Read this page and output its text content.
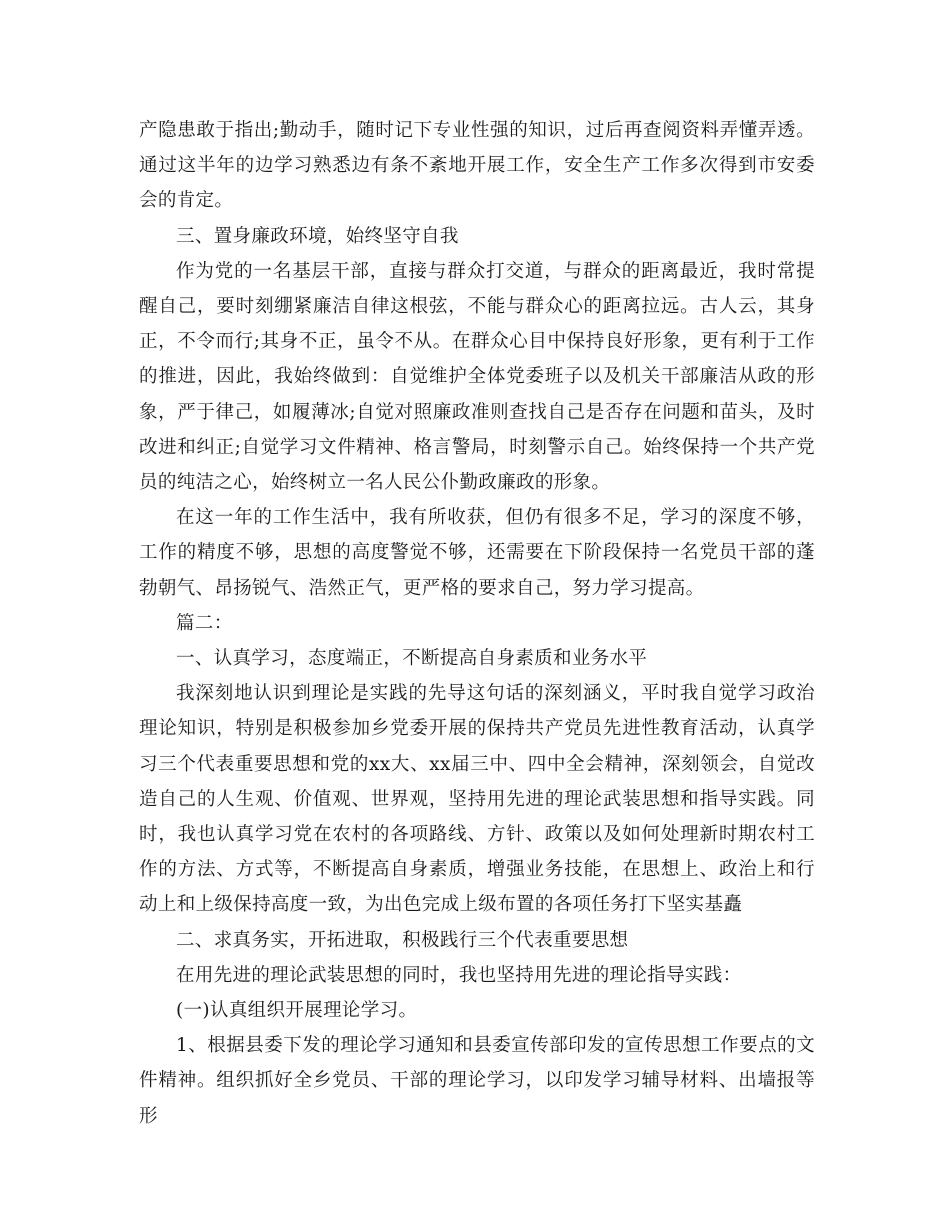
产隐患敢于指出;勤动手，随时记下专业性强的知识，过后再查阅资料弄懂弄透。通过这半年的边学习熟悉边有条不紊地开展工作，安全生产工作多次得到市安委会的肯定。

三、置身廉政环境，始终坚守自我

作为党的一名基层干部，直接与群众打交道，与群众的距离最近，我时常提醒自己，要时刻绷紧廉洁自律这根弦，不能与群众心的距离拉远。古人云，其身正，不令而行;其身不正，虽令不从。在群众心目中保持良好形象，更有利于工作的推进，因此，我始终做到：自觉维护全体党委班子以及机关干部廉洁从政的形象，严于律己，如履薄冰;自觉对照廉政准则查找自己是否存在问题和苗头，及时改进和纠正;自觉学习文件精神、格言警局，时刻警示自己。始终保持一个共产党员的纯洁之心，始终树立一名人民公仆勤政廉政的形象。

在这一年的工作生活中，我有所收获，但仍有很多不足，学习的深度不够，工作的精度不够，思想的高度警觉不够，还需要在下阶段保持一名党员干部的蓬勃朝气、昂扬锐气、浩然正气，更严格的要求自己，努力学习提高。

篇二：

一、认真学习，态度端正，不断提高自身素质和业务水平

我深刻地认识到理论是实践的先导这句话的深刻涵义，平时我自觉学习政治理论知识，特别是积极参加乡党委开展的保持共产党员先进性教育活动，认真学习三个代表重要思想和党的xx大、xx届三中、四中全会精神，深刻领会，自觉改造自己的人生观、价值观、世界观，坚持用先进的理论武装思想和指导实践。同时，我也认真学习党在农村的各项路线、方针、政策以及如何处理新时期农村工作的方法、方式等，不断提高自身素质，增强业务技能，在思想上、政治上和行动上和上级保持高度一致，为出色完成上级布置的各项任务打下坚实基矗

二、求真务实，开拓进取，积极践行三个代表重要思想

在用先进的理论武装思想的同时，我也坚持用先进的理论指导实践：

(一)认真组织开展理论学习。

1、根据县委下发的理论学习通知和县委宣传部印发的宣传思想工作要点的文件精神。组织抓好全乡党员、干部的理论学习，以印发学习辅导材料、出墙报等形
